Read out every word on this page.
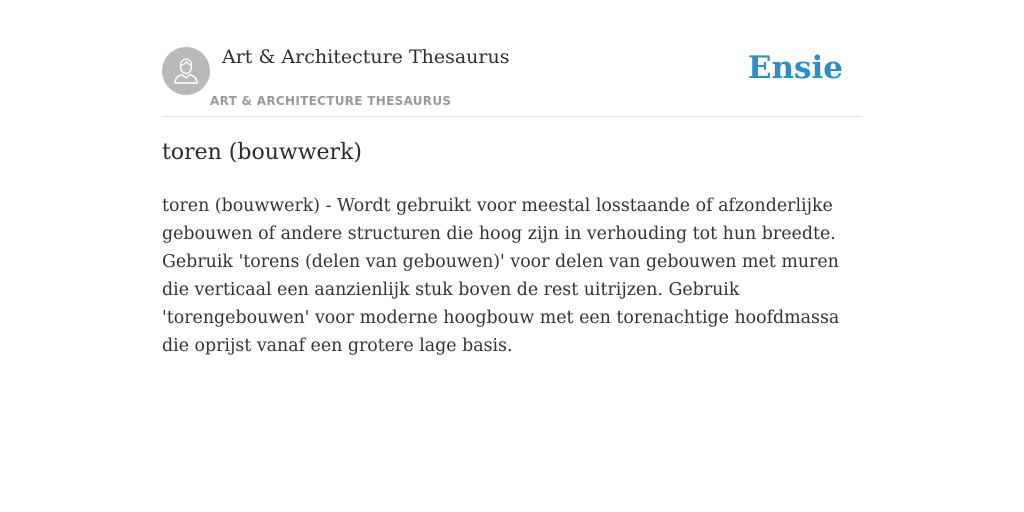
Art & Architecture Thesaurus
ART & ARCHITECTURE THESAURUS
Ensie
toren (bouwwerk)

toren (bouwwerk) - Wordt gebruikt voor meestal losstaande of afzonderlijke gebouwen of andere structuren die hoog zijn in verhouding tot hun breedte. Gebruik 'torens (delen van gebouwen)' voor delen van gebouwen met muren die verticaal een aanzienlijk stuk boven de rest uitrijzen. Gebruik 'torengebouwen' voor moderne hoogbouw met een torenachtige hoofdmassa die oprijst vanaf een grotere lage basis.
